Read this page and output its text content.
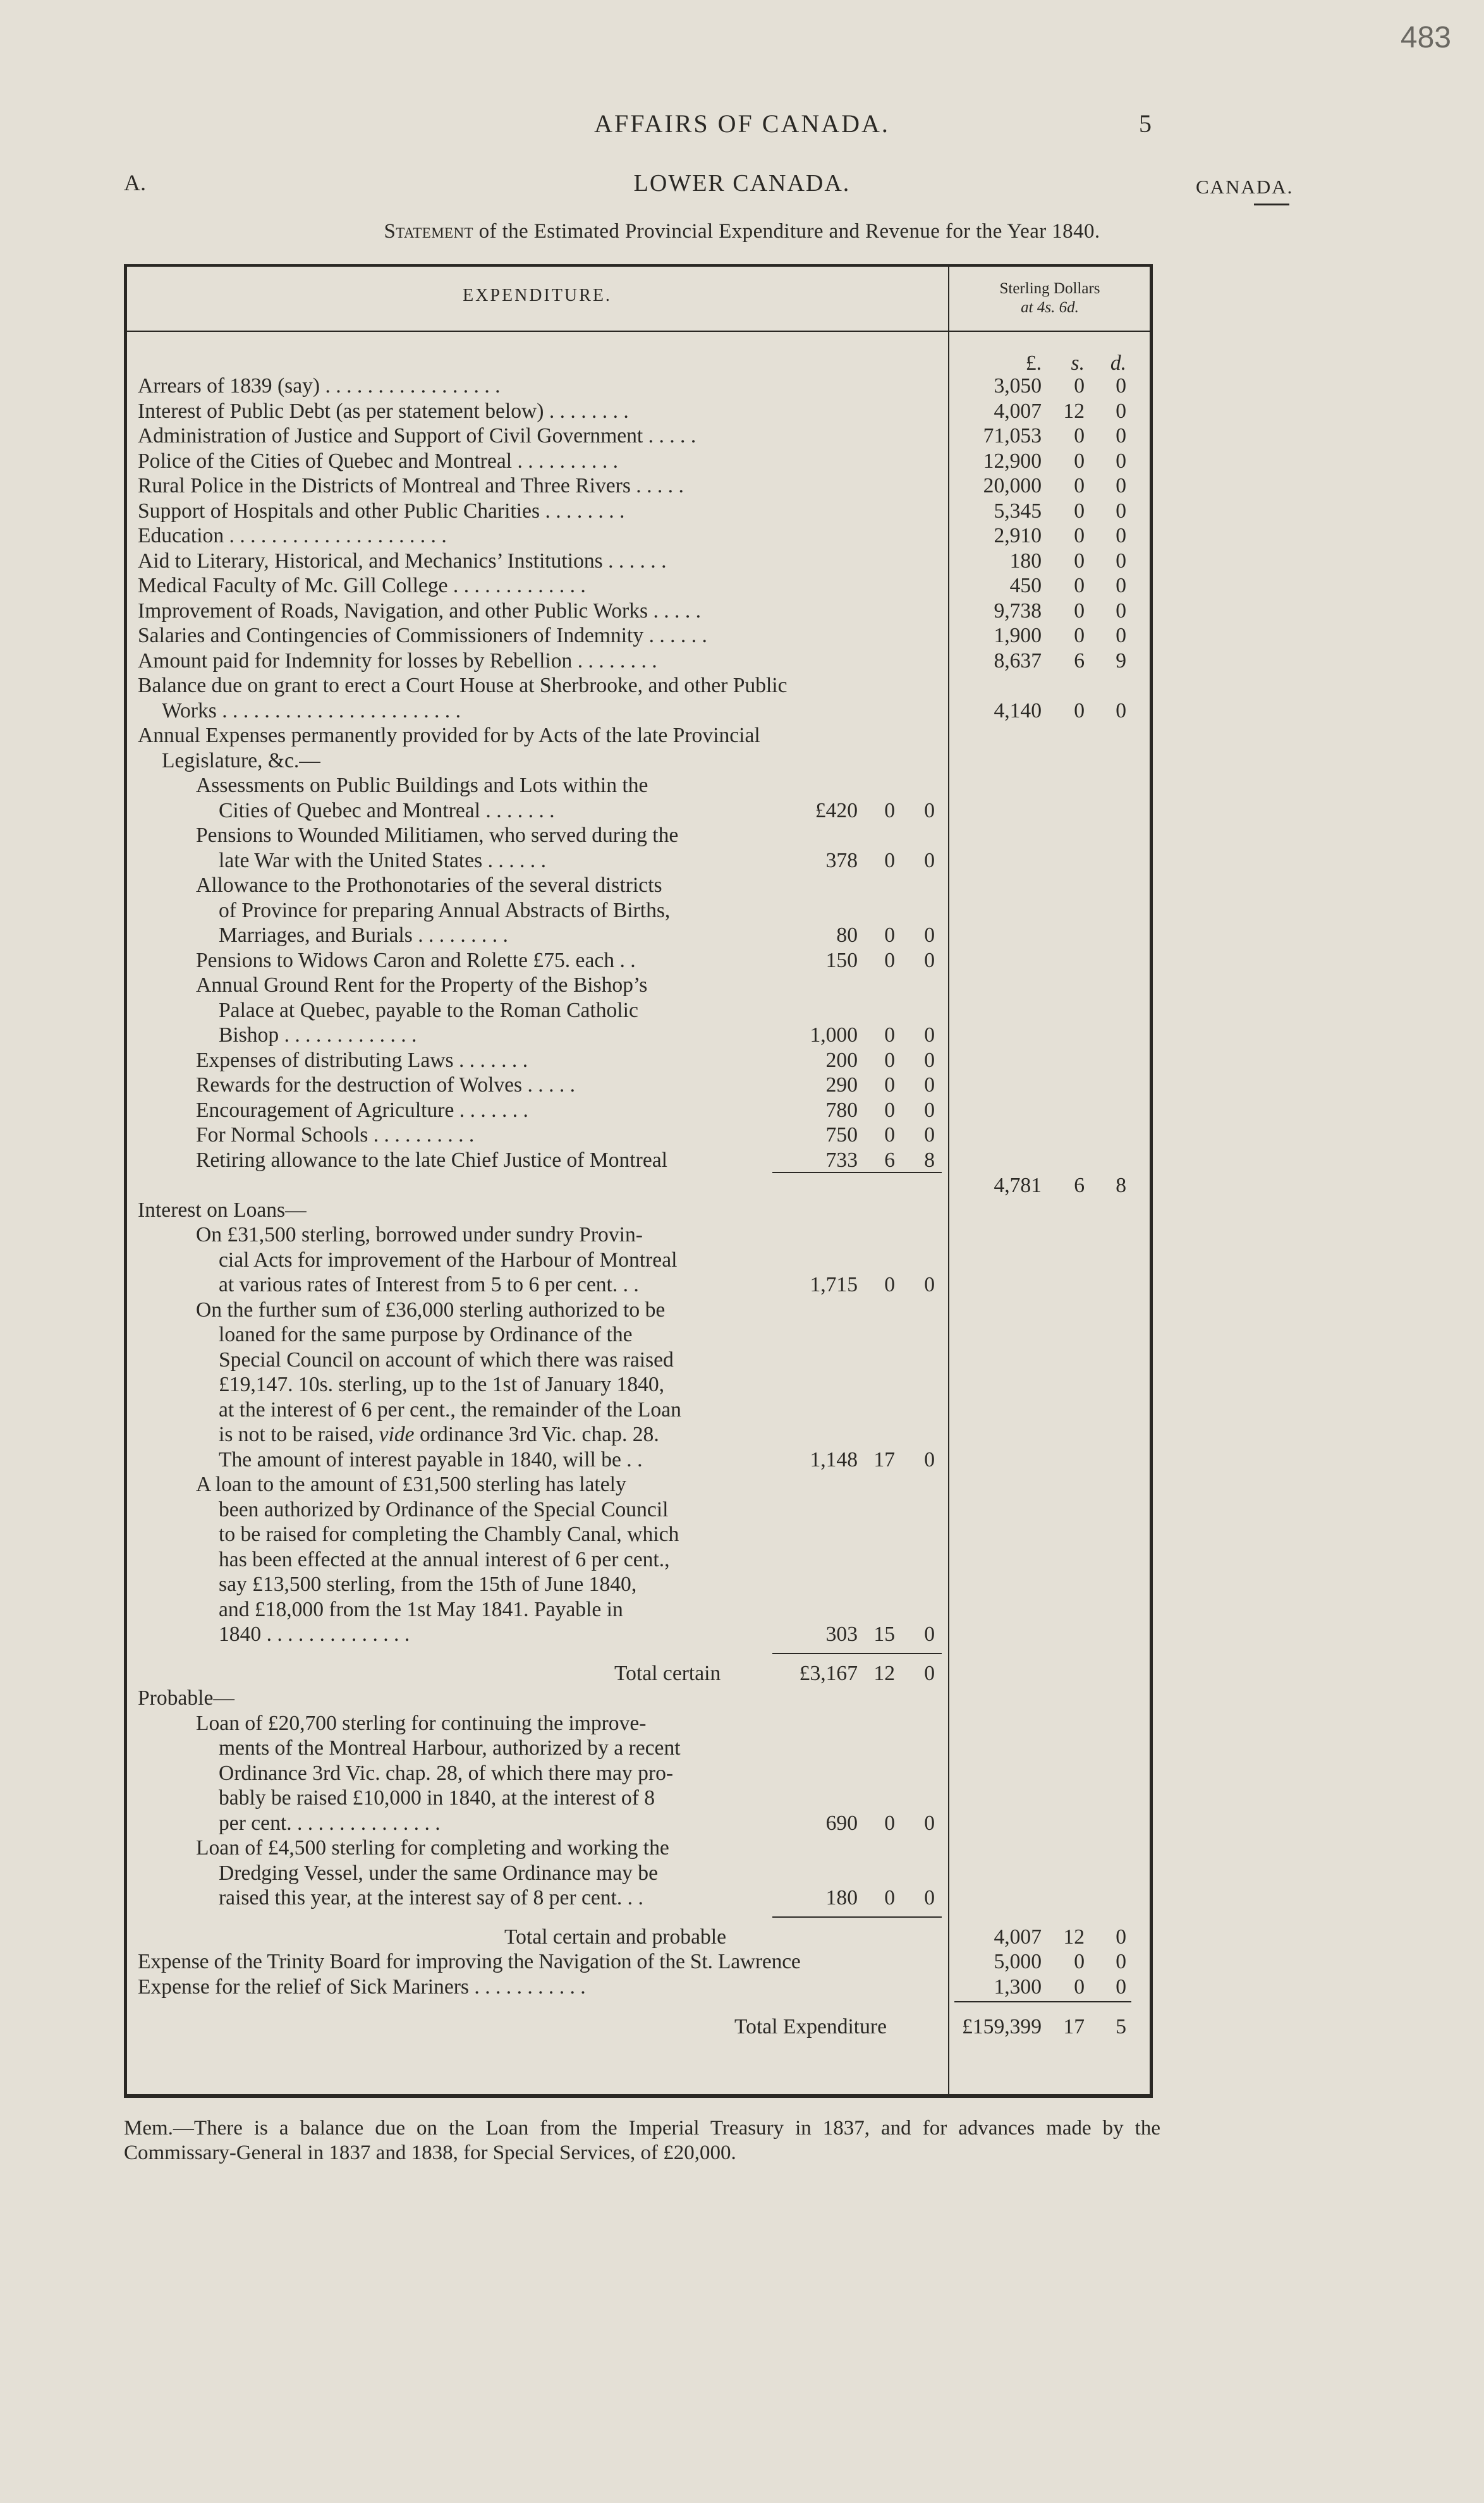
483
AFFAIRS OF CANADA.	5
A.	LOWER CANADA.	CANADA.
Statement of the Estimated Provincial Expenditure and Revenue for the Year 1840.
EXPENDITURE.	Sterling Dollars
at 4s. 6d.
£.	s.	d.
Arrears of 1839 (say) . . . . . . . . . . . . . . . . .	3,050	0	0
Interest of Public Debt (as per statement below) . . . . . . . .	4,007	12	0
Administration of Justice and Support of Civil Government . . . . .	71,053	0	0
Police of the Cities of Quebec and Montreal . . . . . . . . . .	12,900	0	0
Rural Police in the Districts of Montreal and Three Rivers . . . . .	20,000	0	0
Support of Hospitals and other Public Charities . . . . . . . .	5,345	0	0
Education . . . . . . . . . . . . . . . . . . . . .	2,910	0	0
Aid to Literary, Historical, and Mechanics’ Institutions . . . . . .	180	0	0
Medical Faculty of Mc. Gill College . . . . . . . . . . . . .	450	0	0
Improvement of Roads, Navigation, and other Public Works . . . . .	9,738	0	0
Salaries and Contingencies of Commissioners of Indemnity . . . . . .	1,900	0	0
Amount paid for Indemnity for losses by Rebellion . . . . . . . .	8,637	6	9
Balance due on grant to erect a Court House at Sherbrooke, and other Public
Works . . . . . . . . . . . . . . . . . . . . . . .	4,140	0	0
Annual Expenses permanently provided for by Acts of the late Provincial
Legislature, &c.—
Assessments on Public Buildings and Lots within the
Cities of Quebec and Montreal . . . . . . .	£420	0	0
Pensions to Wounded Militiamen, who served during the
late War with the United States . . . . . .	378	0	0
Allowance to the Prothonotaries of the several districts
of Province for preparing Annual Abstracts of Births,
Marriages, and Burials . . . . . . . . .	80	0	0
Pensions to Widows Caron and Rolette £75. each . .	150	0	0
Annual Ground Rent for the Property of the Bishop’s
Palace at Quebec, payable to the Roman Catholic
Bishop . . . . . . . . . . . . .	1,000	0	0
Expenses of distributing Laws . . . . . . .	200	0	0
Rewards for the destruction of Wolves . . . . .	290	0	0
Encouragement of Agriculture . . . . . . .	780	0	0
For Normal Schools . . . . . . . . . .	750	0	0
Retiring allowance to the late Chief Justice of Montreal	733	6	8
4,781	6	8
Interest on Loans—
On £31,500 sterling, borrowed under sundry Provin-
cial Acts for improvement of the Harbour of Montreal
at various rates of Interest from 5 to 6 per cent. . .	1,715	0	0
On the further sum of £36,000 sterling authorized to be
loaned for the same purpose by Ordinance of the
Special Council on account of which there was raised
£19,147. 10s. sterling, up to the 1st of January 1840,
at the interest of 6 per cent., the remainder of the Loan
is not to be raised, vide ordinance 3rd Vic. chap. 28.
The amount of interest payable in 1840, will be . .	1,148 17	0
A loan to the amount of £31,500 sterling has lately
been authorized by Ordinance of the Special Council
to be raised for completing the Chambly Canal, which
has been effected at the annual interest of 6 per cent.,
say £13,500 sterling, from the 15th of June 1840,
and £18,000 from the 1st May 1841. Payable in
1840 . . . . . . . . . . . . . .	303 15	0
Total certain	£3,167 12	0
Probable—
Loan of £20,700 sterling for continuing the improve-
ments of the Montreal Harbour, authorized by a recent
Ordinance 3rd Vic. chap. 28, of which there may pro-
bably be raised £10,000 in 1840, at the interest of 8
per cent. . . . . . . . . . . . . . .	690	0	0
Loan of £4,500 sterling for completing and working the
Dredging Vessel, under the same Ordinance may be
raised this year, at the interest say of 8 per cent. . .	180	0	0
Total certain and probable	4,007	12	0
Expense of the Trinity Board for improving the Navigation of the St. Lawrence	5,000	0	0
Expense for the relief of Sick Mariners . . . . . . . . . . .	1,300	0	0
Total Expenditure	£159,399	17	5
Mem.—There is a balance due on the Loan from the Imperial Treasury in 1837, and for advances made by the Commissary-General in 1837 and 1838, for Special Services, of £20,000.
